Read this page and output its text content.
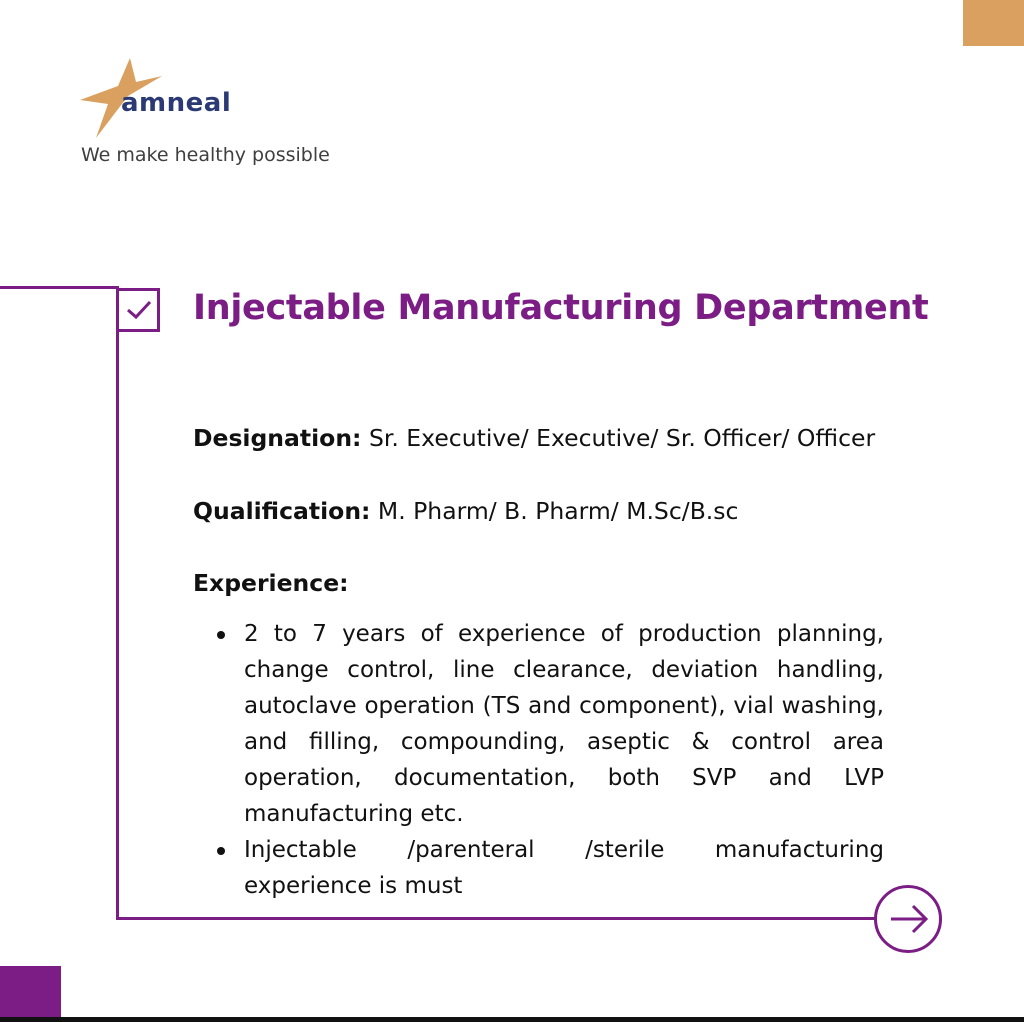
amneal
We make healthy possible
Injectable Manufacturing Department
Designation: Sr. Executive/ Executive/ Sr. Officer/ Officer
Qualification: M. Pharm/ B. Pharm/ M.Sc/B.sc
Experience:
2 to 7 years of experience of production planning, change control, line clearance, deviation handling, autoclave operation (TS and component), vial washing, and filling, compounding, aseptic & control area operation, documentation, both SVP and LVP manufacturing etc.
Injectable /parenteral /sterile manufacturing experience is must
